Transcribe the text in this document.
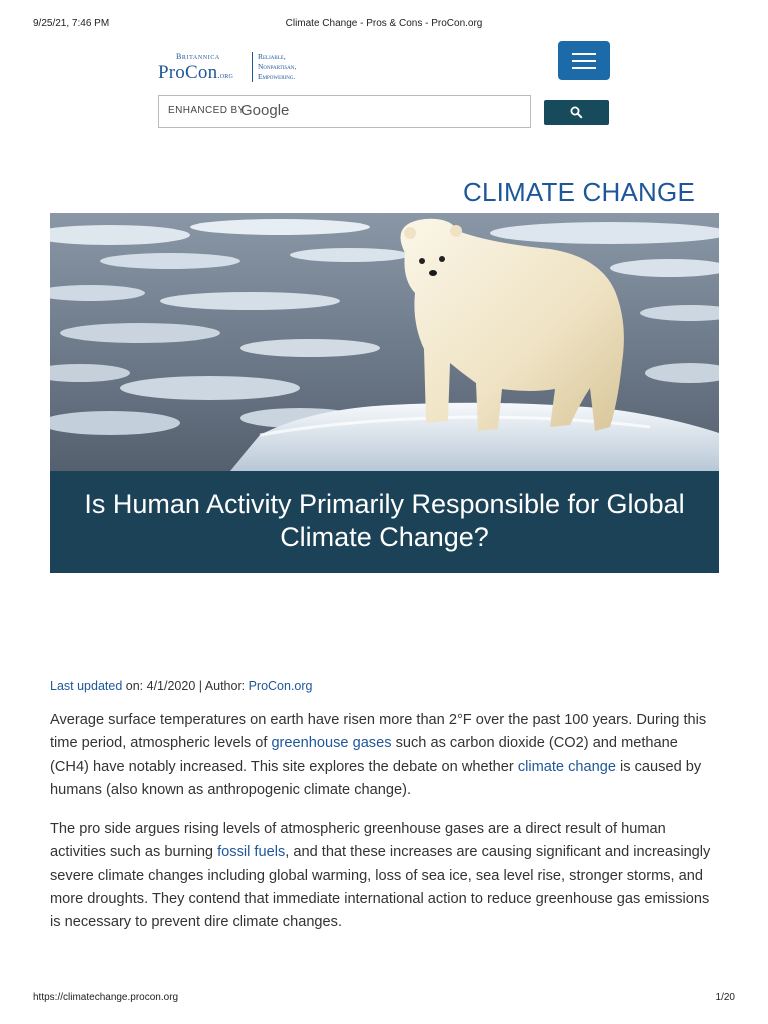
9/25/21, 7:46 PM	Climate Change - Pros & Cons - ProCon.org
Britannica
ProCon.org
Reliable,
Nonpartisan,
Empowering.
ENHANCED BY
Google
CLIMATE CHANGE
Is Human Activity Primarily Responsible for Global Climate Change?
Last updated on: 4/1/2020 | Author: ProCon.org

Average surface temperatures on earth have risen more than 2°F over the past 100 years. During this time period, atmospheric levels of greenhouse gases such as carbon dioxide (CO2) and methane (CH4) have notably increased. This site explores the debate on whether climate change is caused by humans (also known as anthropogenic climate change).

The pro side argues rising levels of atmospheric greenhouse gases are a direct result of human activities such as burning fossil fuels, and that these increases are causing significant and increasingly severe climate changes including global warming, loss of sea ice, sea level rise, stronger storms, and more droughts. They contend that immediate international action to reduce greenhouse gas emissions is necessary to prevent dire climate changes.

https://climatechange.procon.org	1/20
